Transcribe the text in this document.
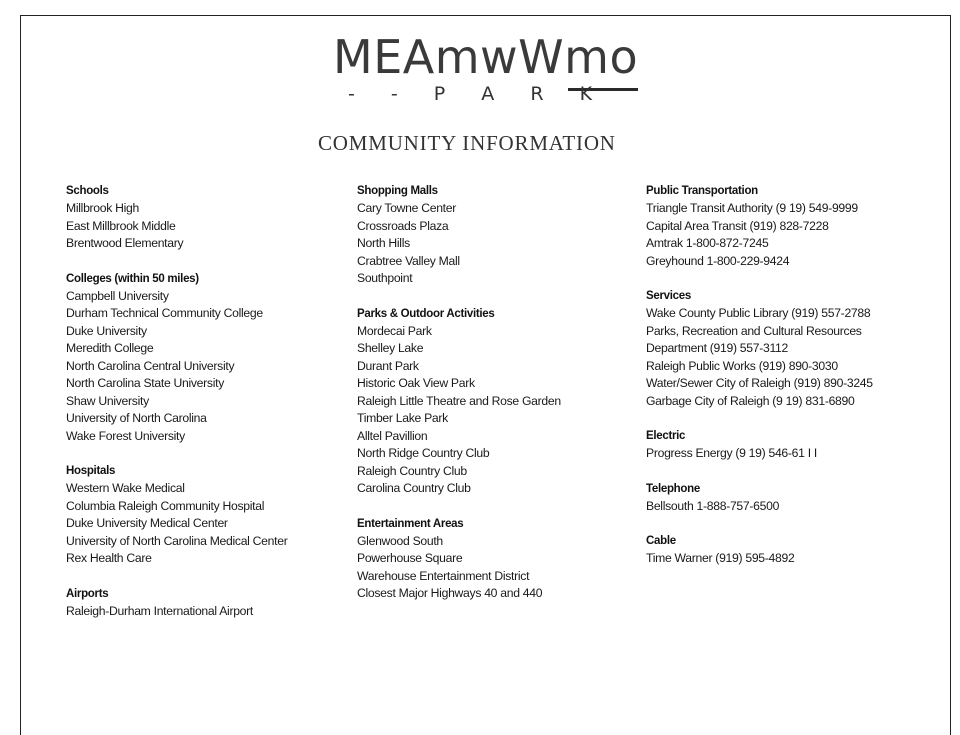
MEAmwWmo
- - P A R K
COMMUNITY INFORMATION
Schools
Millbrook High
East Millbrook Middle
Brentwood Elementary
Colleges (within 50 miles)
Campbell University
Durham Technical Community College
Duke University
Meredith College
North Carolina Central University
North Carolina State University
Shaw University
University of North Carolina
Wake Forest University
Hospitals
Western Wake Medical
Columbia Raleigh Community Hospital
Duke University Medical Center
University of North Carolina Medical Center
Rex Health Care
Airports
Raleigh-Durham International Airport
Shopping Malls
Cary Towne Center
Crossroads Plaza
North Hills
Crabtree Valley Mall
Southpoint
Parks & Outdoor Activities
Mordecai Park
Shelley Lake
Durant Park
Historic Oak View Park
Raleigh Little Theatre and Rose Garden
Timber Lake Park
Alltel Pavillion
North Ridge Country Club
Raleigh Country Club
Carolina Country Club
Entertainment Areas
Glenwood South
Powerhouse Square
Warehouse Entertainment District
Closest Major Highways 40 and 440
Public Transportation
Triangle Transit Authority (9 19) 549-9999
Capital Area Transit (919) 828-7228
Amtrak 1-800-872-7245
Greyhound 1-800-229-9424
Services
Wake County Public Library (919) 557-2788
Parks, Recreation and Cultural Resources
Department (919) 557-3112
Raleigh Public Works (919) 890-3030
Water/Sewer City of Raleigh (919) 890-3245
Garbage City of Raleigh (9 19) 831-6890
Electric
Progress Energy (9 19) 546-61 I I
Telephone
Bellsouth 1-888-757-6500
Cable
Time Warner (919) 595-4892
